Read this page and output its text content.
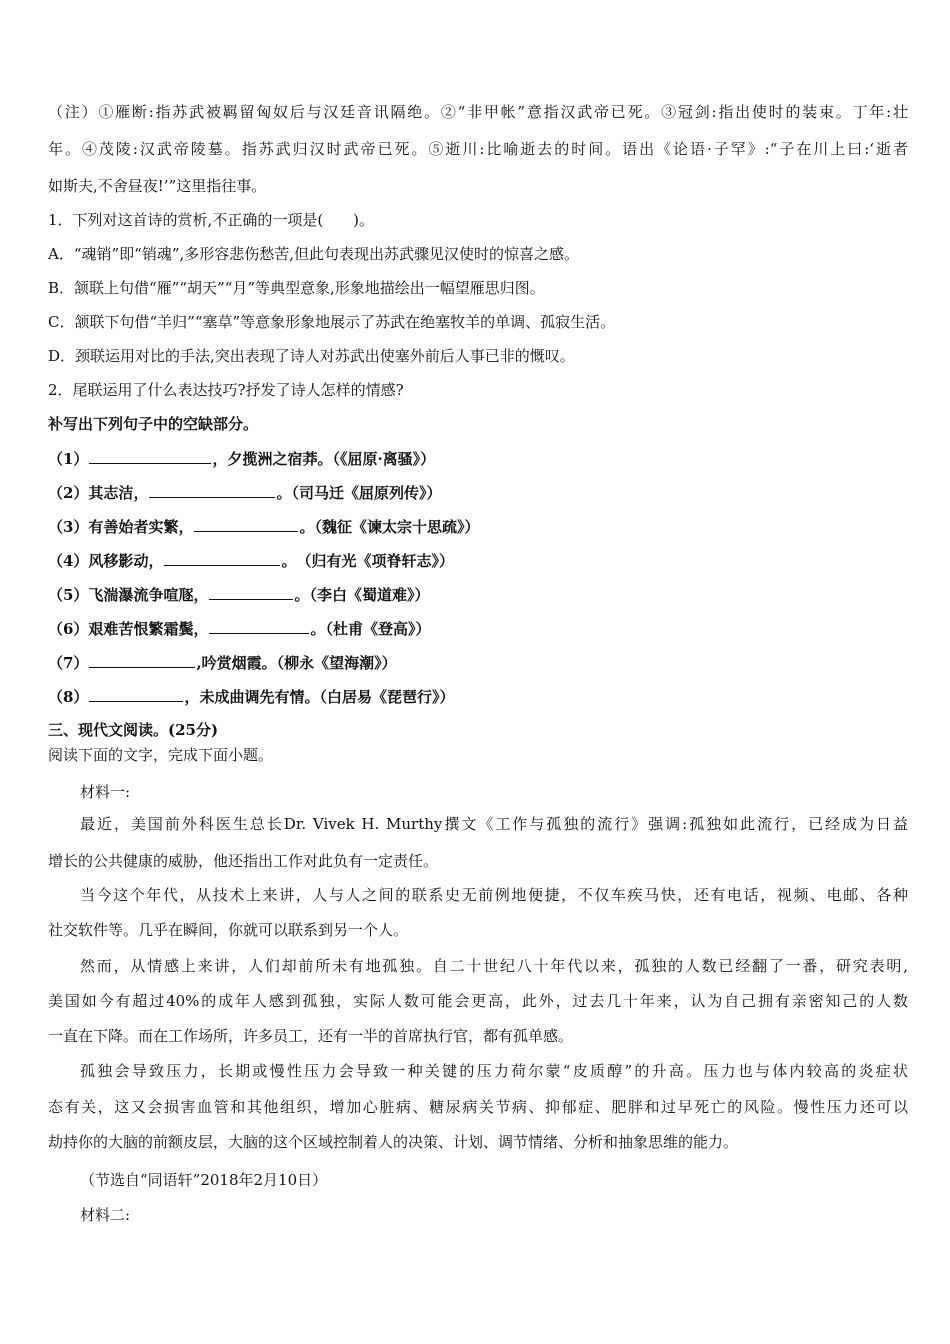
（注）①雁断:指苏武被羁留匈奴后与汉廷音讯隔绝。②“非甲帐”意指汉武帝已死。③冠剑:指出使时的装束。丁年:壮
年。④茂陵:汉武帝陵墓。指苏武归汉时武帝已死。⑤逝川:比喻逝去的时间。语出《论语·子罕》:“子在川上曰:‘逝者
如斯夫,不舍昼夜!’”这里指往事。
1．下列对这首诗的赏析,不正确的一项是(　　)。
A．“魂销”即“销魂”,多形容悲伤愁苦,但此句表现出苏武骤见汉使时的惊喜之感。
B．颔联上句借“雁”“胡天”“月”等典型意象,形象地描绘出一幅望雁思归图。
C．颔联下句借“羊归”“塞草”等意象形象地展示了苏武在绝塞牧羊的单调、孤寂生活。
D．颈联运用对比的手法,突出表现了诗人对苏武出使塞外前后人事已非的慨叹。
2．尾联运用了什么表达技巧?抒发了诗人怎样的情感?
补写出下列句子中的空缺部分。
（1）	，夕揽洲之宿莽。（《屈原·离骚》）
（2）其志洁，	。（司马迁《屈原列传》）
（3）有善始者实繁，	。（魏征《谏太宗十思疏》）
（4）风移影动，	。　（归有光《项脊轩志》）
（5）飞湍瀑流争喧豗，	。（李白《蜀道难》）
（6）艰难苦恨繁霜鬓，	。（杜甫《登高》）
（7）	,吟赏烟霞。（柳永《望海潮》）
（8）	，未成曲调先有情。（白居易《琵琶行》）
三、现代文阅读。(25分)
阅读下面的文字，完成下面小题。
材料一:
最近，美国前外科医生总长Dr. Vivek H. Murthy撰文《工作与孤独的流行》强调:孤独如此流行，已经成为日益
增长的公共健康的威胁，他还指出工作对此负有一定责任。
当今这个年代，从技术上来讲，人与人之间的联系史无前例地便捷，不仅车疾马快，还有电话，视频、电邮、各种
社交软件等。几乎在瞬间，你就可以联系到另一个人。
然而，从情感上来讲，人们却前所未有地孤独。自二十世纪八十年代以来，孤独的人数已经翻了一番，研究表明,
美国如今有超过40%的成年人感到孤独，实际人数可能会更高，此外，过去几十年来，认为自己拥有亲密知己的人数
一直在下降。而在工作场所，许多员工，还有一半的首席执行官，都有孤单感。
孤独会导致压力，长期或慢性压力会导致一种关键的压力荷尔蒙“皮质醇”的升高。压力也与体内较高的炎症状
态有关，这又会损害血管和其他组织，增加心脏病、糖尿病关节病、抑郁症、肥胖和过早死亡的风险。慢性压力还可以
劫持你的大脑的前额皮层，大脑的这个区域控制着人的决策、计划、调节情绪、分析和抽象思维的能力。
（节选自“同语轩”2018年2月10日）
材料二:
